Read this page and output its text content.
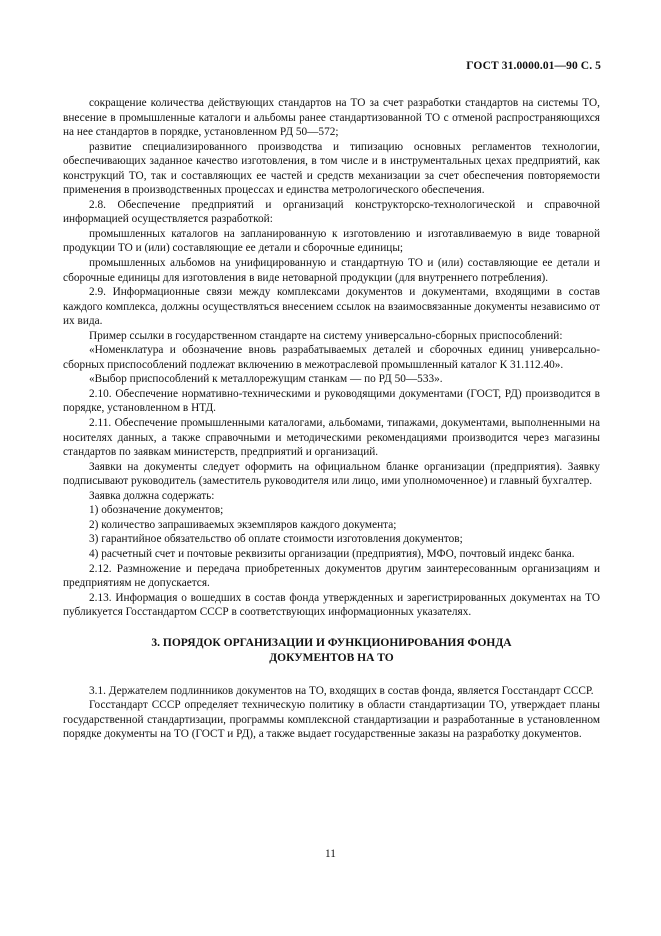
ГОСТ 31.0000.01—90 С. 5

сокращение количества действующих стандартов на ТО за счет разработки стандартов на системы ТО, внесение в промышленные каталоги и альбомы ранее стандартизованной ТО с отменой распространяющихся на нее стандартов в порядке, установленном РД 50—572;

развитие специализированного производства и типизацию основных регламентов технологии, обеспечивающих заданное качество изготовления, в том числе и в инструментальных цехах предприятий, как конструкций ТО, так и составляющих ее частей и средств механизации за счет обеспечения повторяемости применения в производственных процессах и единства метрологического обеспечения.

2.8. Обеспечение предприятий и организаций конструкторско-технологической и справочной информацией осуществляется разработкой:

промышленных каталогов на запланированную к изготовлению и изготавливаемую в виде товарной продукции ТО и (или) составляющие ее детали и сборочные единицы;

промышленных альбомов на унифицированную и стандартную ТО и (или) составляющие ее детали и сборочные единицы для изготовления в виде нетоварной продукции (для внутреннего потребления).

2.9. Информационные связи между комплексами документов и документами, входящими в состав каждого комплекса, должны осуществляться внесением ссылок на взаимосвязанные документы независимо от их вида.

Пример ссылки в государственном стандарте на систему универсально-сборных приспособлений:

«Номенклатура и обозначение вновь разрабатываемых деталей и сборочных единиц универсально-сборных приспособлений подлежат включению в межотраслевой промышленный каталог К 31.112.40».

«Выбор приспособлений к металлорежущим станкам — по РД 50—533».

2.10. Обеспечение нормативно-техническими и руководящими документами (ГОСТ, РД) производится в порядке, установленном в НТД.

2.11. Обеспечение промышленными каталогами, альбомами, типажами, документами, выполненными на носителях данных, а также справочными и методическими рекомендациями производится через магазины стандартов по заявкам министерств, предприятий и организаций.

Заявки на документы следует оформить на официальном бланке организации (предприятия). Заявку подписывают руководитель (заместитель руководителя или лицо, ими уполномоченное) и главный бухгалтер.

Заявка должна содержать:

1) обозначение документов;

2) количество запрашиваемых экземпляров каждого документа;

3) гарантийное обязательство об оплате стоимости изготовления документов;

4) расчетный счет и почтовые реквизиты организации (предприятия), МФО, почтовый индекс банка.

2.12. Размножение и передача приобретенных документов другим заинтересованным организациям и предприятиям не допускается.

2.13. Информация о вошедших в состав фонда утвержденных и зарегистрированных документах на ТО публикуется Госстандартом СССР в соответствующих информационных указателях.

3. ПОРЯДОК ОРГАНИЗАЦИИ И ФУНКЦИОНИРОВАНИЯ ФОНДА
ДОКУМЕНТОВ НА ТО

3.1. Держателем подлинников документов на ТО, входящих в состав фонда, является Госстандарт СССР.

Госстандарт СССР определяет техническую политику в области стандартизации ТО, утверждает планы государственной стандартизации, программы комплексной стандартизации и разработанные в установленном порядке документы на ТО (ГОСТ и РД), а также выдает государственные заказы на разработку документов.

11
